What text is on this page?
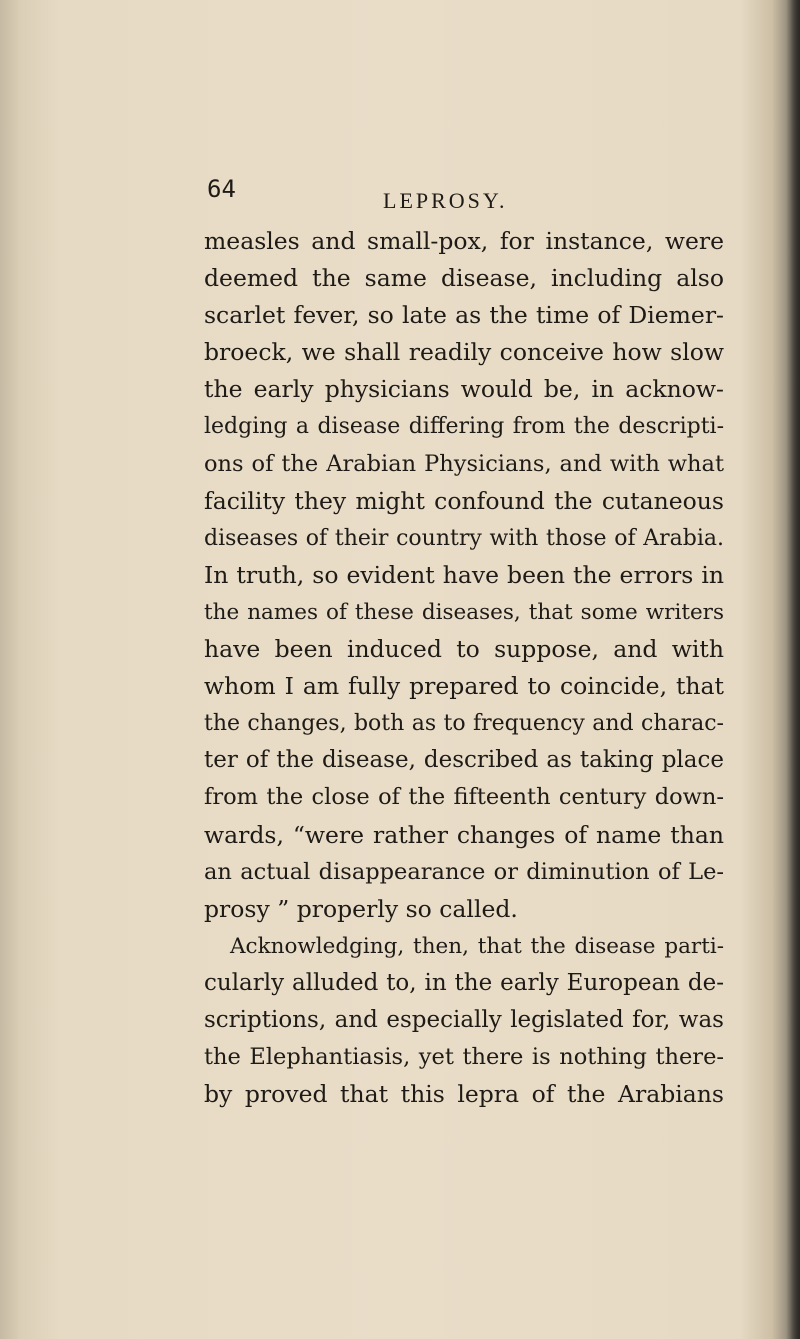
64	LEPROSY.
measles and small-pox, for instance, were
deemed the same disease, including also
scarlet fever, so late as the time of Diemer-
broeck, we shall readily conceive how slow
the early physicians would be, in acknow-
ledging a disease differing from the descripti-
ons of the Arabian Physicians, and with what
facility they might confound the cutaneous
diseases of their country with those of Arabia.
In truth, so evident have been the errors in
the names of these diseases, that some writers
have been induced to suppose, and with
whom I am fully prepared to coincide, that
the changes, both as to frequency and charac-
ter of the disease, described as taking place
from the close of the fifteenth century down-
wards, “were rather changes of name than
an actual disappearance or diminution of Le-
prosy ” properly so called.
Acknowledging, then, that the disease parti-
cularly alluded to, in the early European de-
scriptions, and especially legislated for, was
the Elephantiasis, yet there is nothing there-
by proved that this lepra of the Arabians
